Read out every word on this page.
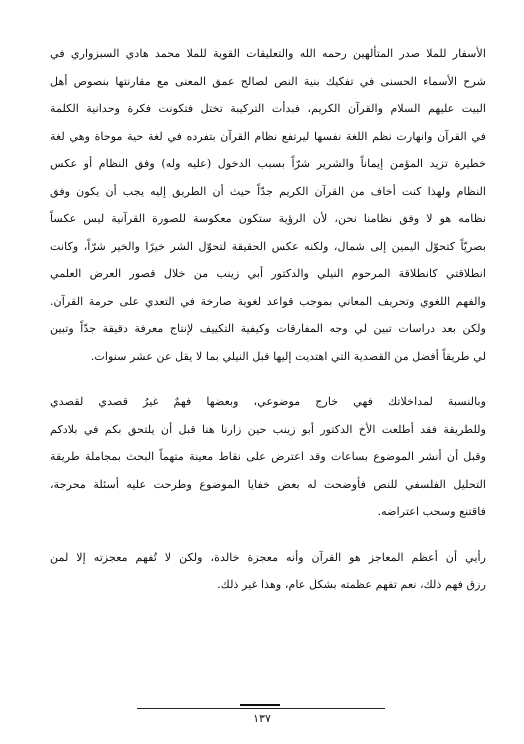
الأسفار للملا صدر المتألهين رحمه الله والتعليقات القوية للملا محمد هادي السبزواري في
شرح الأسماء الحسنى في تفكيك بنية النص لصالح عمق المعنى مع مقارنتها بنصوص أهل
البيت عليهم السلام والقرآن الكريم، فبدأت التركيبة تختل فتكونت فكرة وحدانية الكلمة
في القرآن وانهارت نظم اللغة نفسها ليرتفع نظام القرآن بتفرده في لغة حية موحاة وهي لغة
خطيرة تزيد المؤمن إيماناً والشرير شرّاً بسبب الدخول (عليه وله) وفق النظام أو عكس
النظام ولهذا كنت أخاف من القرآن الكريم جدّاً حيث أن الطريق إليه يجب أن يكون وفق
نظامه هو لا وفق نظامنا نحن، لأن الرؤية ستكون معكوسة للصورة القرآنية ليس عكساً
بصريّاً كتحوّل اليمين إلى شمال، ولكنه عكس الحقيقة لتحوّل الشر خيرًا والخير شرّاً، وكانت
انطلاقتي كانطلاقة المرحوم النيلي والدكتور أبي زينب من خلال قصور العرض العلمي
والفهم اللغوي وتحريف المعاني بموجب قواعد لغوية صارخة في التعدي على حرمة القرآن.
ولكن بعد دراسات تبين لي وجه المفارقات وكيفية التكييف لإنتاج معرفة دقيقة جدّاً وتبين
لي طريقاً أفضل من القصدية التي اهتديت إليها قبل النيلي بما لا يقل عن عشر سنوات.
وبالنسبة لمداخلاتك فهي خارج موضوعي، وبعضها فهمٌ غيرُ قصدي لقصدي
وللطريقة فقد أطلعت الأخ الدكتور أبو زينب حين زارنا هنا قبل أن يلتحق بكم في بلادكم
وقبل أن أنشر الموضوع بساعات وقد اعترض على نقاط معينة متهماً البحث بمجاملة طريقة
التحليل الفلسفي للنص فأوضحت له بعض خفايا الموضوع وطرحت عليه أسئلة محرجة،
فاقتنع وسحب اعتراضه.
رأيي أن أعظم المعاجز هو القرآن وأنه معجزة خالدة، ولكن لا تُفهم معجزته إلا لمن
رزق فهم ذلك، نعم تفهم عظمته بشكل عام، وهذا غير ذلك.
١٣٧
